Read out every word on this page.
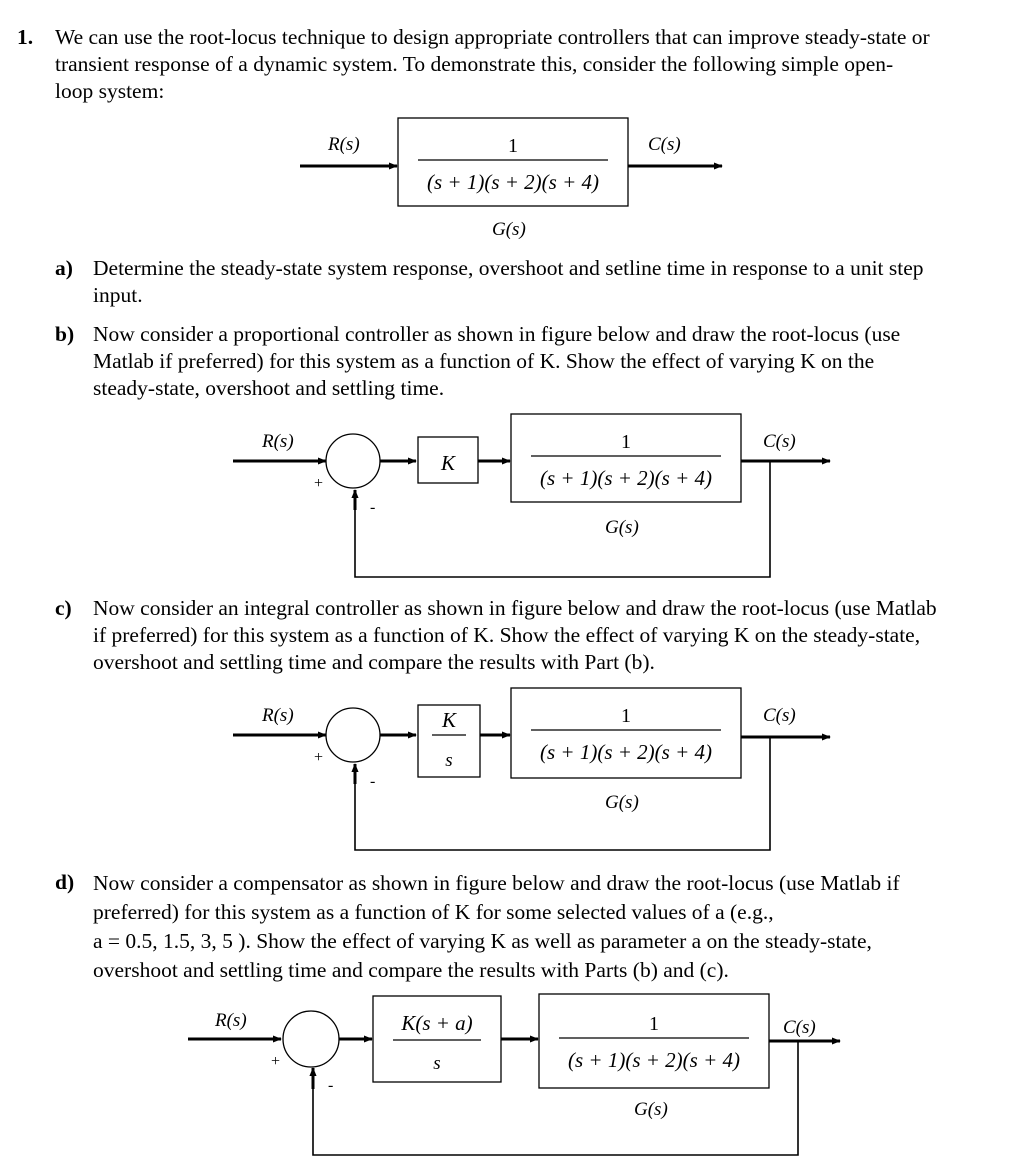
1. We can use the root-locus technique to design appropriate controllers that can improve steady-state or
transient response of a dynamic system. To demonstrate this, consider the following simple open-
loop system:
a) Determine the steady-state system response, overshoot and setline time in response to a unit step
input.
b) Now consider a proportional controller as shown in figure below and draw the root-locus (use
Matlab if preferred) for this system as a function of K. Show the effect of varying K on the
steady-state, overshoot and settling time.
c) Now consider an integral controller as shown in figure below and draw the root-locus (use Matlab
if preferred) for this system as a function of K. Show the effect of varying K on the steady-state,
overshoot and settling time and compare the results with Part (b).
d) Now consider a compensator as shown in figure below and draw the root-locus (use Matlab if
preferred) for this system as a function of K for some selected values of a (e.g.,
a = 0.5, 1.5, 3, 5 ). Show the effect of varying K as well as parameter a on the steady-state,
overshoot and settling time and compare the results with Parts (b) and (c).
R(s)	1
(s + 1)(s + 2)(s + 4)
C(s)
G(s)
R(s)
+
-
K
1
(s + 1)(s + 2)(s + 4)
C(s)
G(s)
R(s)
+
-
K
s
1
(s + 1)(s + 2)(s + 4)
C(s)
G(s)
R(s)
+
-
K(s + a)
s
1
(s + 1)(s + 2)(s + 4)
C(s)
G(s)
